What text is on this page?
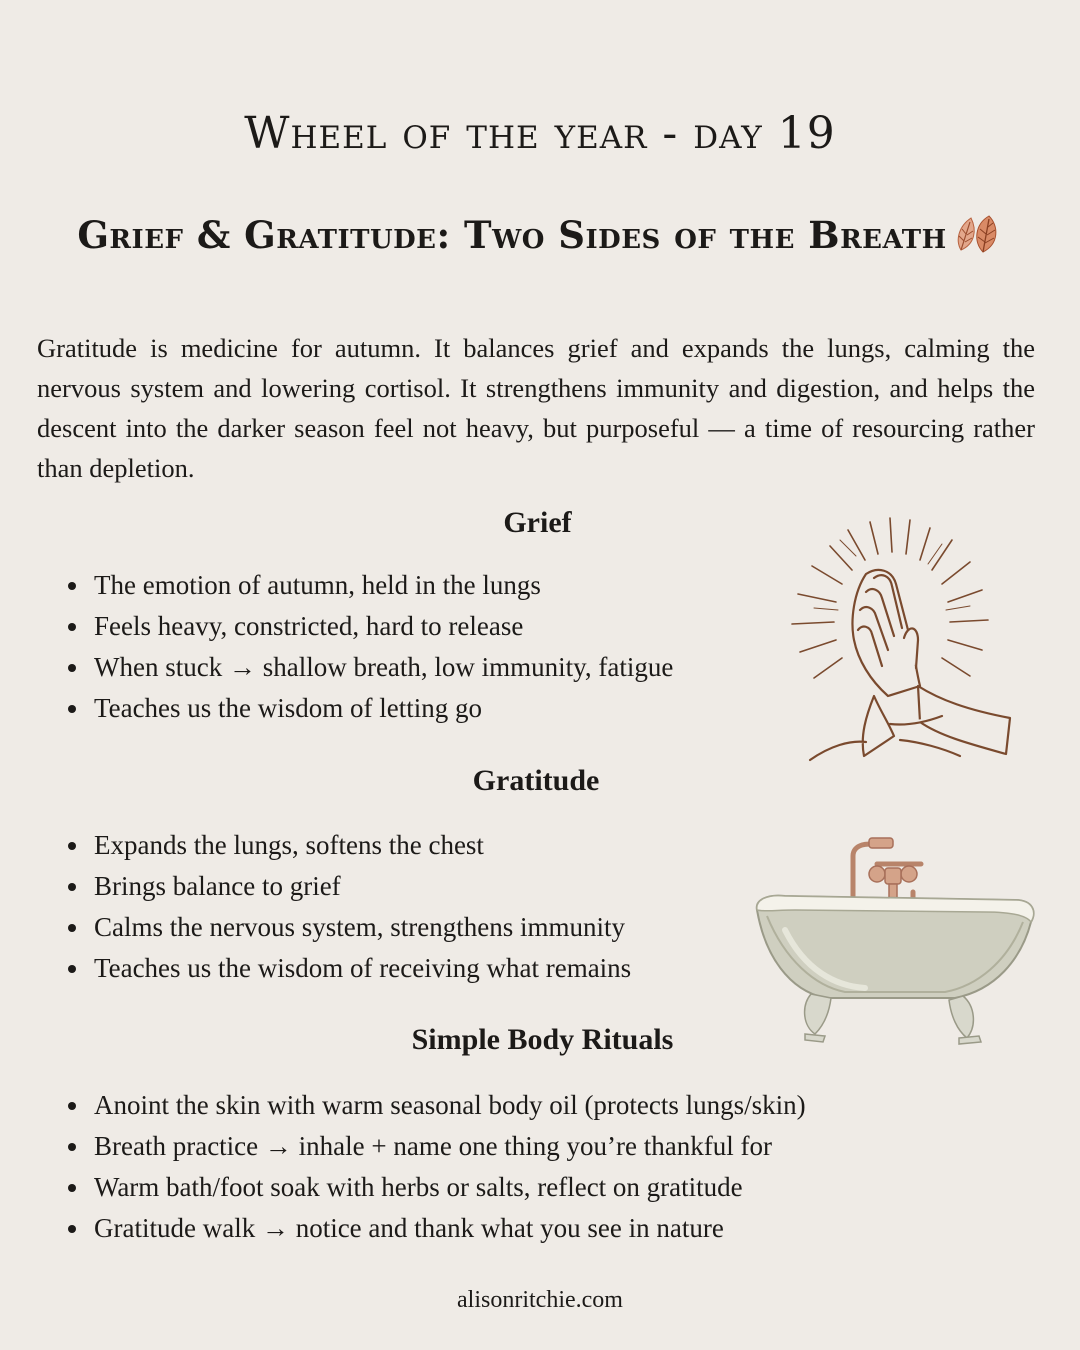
Wheel of the year - day 19
Grief & Gratitude: Two Sides of the Breath

Gratitude is medicine for autumn. It balances grief and expands the lungs, calming the nervous system and lowering cortisol. It strengthens immunity and digestion, and helps the descent into the darker season feel not heavy, but purposeful — a time of resourcing rather than depletion.

Grief
The emotion of autumn, held in the lungs
Feels heavy, constricted, hard to release
When stuck → shallow breath, low immunity, fatigue
Teaches us the wisdom of letting go
Gratitude
Expands the lungs, softens the chest
Brings balance to grief
Calms the nervous system, strengthens immunity
Teaches us the wisdom of receiving what remains
Simple Body Rituals
Anoint the skin with warm seasonal body oil (protects lungs/skin)
Breath practice → inhale + name one thing you’re thankful for
Warm bath/foot soak with herbs or salts, reflect on gratitude
Gratitude walk → notice and thank what you see in nature

alisonritchie.com
